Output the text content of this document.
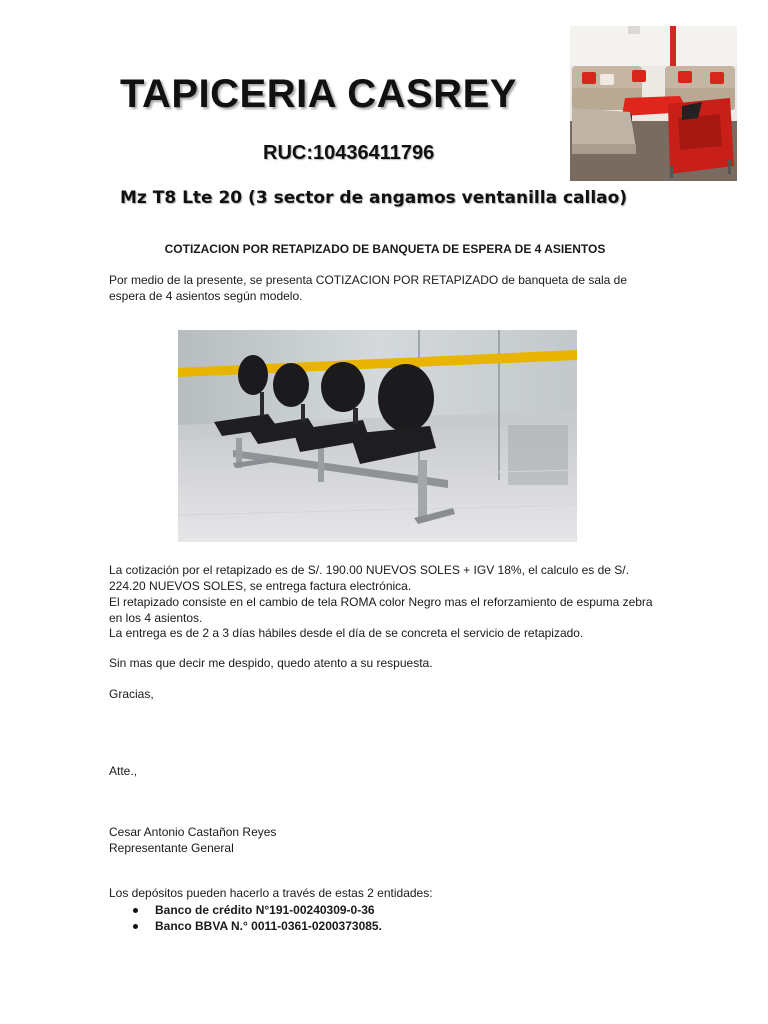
TAPICERIA CASREY
RUC:10436411796
Mz T8 Lte 20 (3 sector de angamos ventanilla callao)
COTIZACION POR RETAPIZADO DE BANQUETA DE ESPERA DE 4 ASIENTOS
Por medio de la presente, se presenta COTIZACION POR RETAPIZADO de banqueta de sala de espera de 4 asientos según modelo.
La cotización por el retapizado es de S/. 190.00 NUEVOS SOLES + IGV 18%, el calculo es de S/. 224.20 NUEVOS SOLES, se entrega factura electrónica.
El retapizado consiste en el cambio de tela ROMA color Negro mas el reforzamiento de espuma zebra en los 4 asientos.
La entrega es de 2 a 3 días hábiles desde el día de se concreta el servicio de retapizado.
Sin mas que decir me despido, quedo atento a su respuesta.
Gracias,
Atte.,
Cesar Antonio Castañon Reyes
Representante General
Los depósitos pueden hacerlo a través de estas 2 entidades:
Banco de crédito N°191-00240309-0-36
Banco BBVA N.° 0011-0361-0200373085.
